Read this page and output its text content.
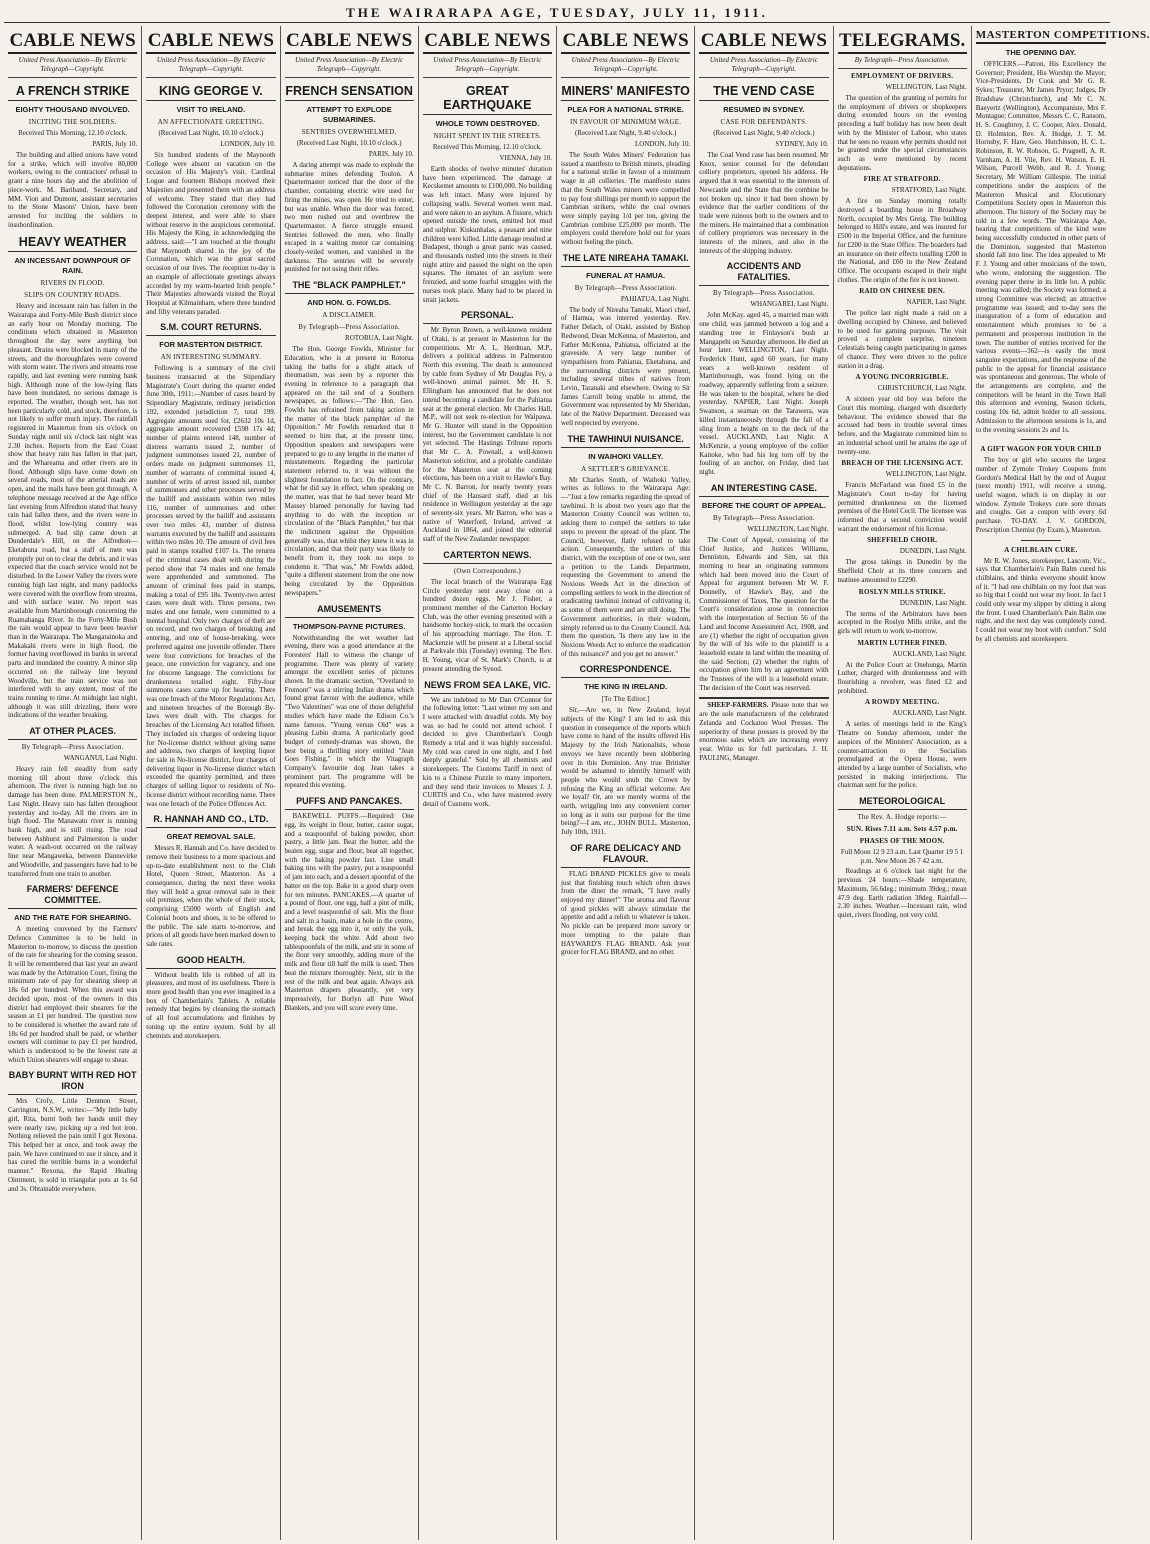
THE WAIRARAPA AGE, TUESDAY, JULY 11, 1911.
CABLE NEWS
United Press Association—By Electric Telegraph—Copyright.
A FRENCH STRIKE
EIGHTY THOUSAND INVOLVED.
INCITING THE SOLDIERS.
Received This Morning, 12.10 o'clock.
PARIS, July 10.
The building and allied unions have voted for a strike, which will involve 80,000 workers, owing to the contractors' refusal to grant a nine hours day and the abolition of piece-work. M. Bariband, Secretary, and MM. Vion and Dumont, assistant secretaries to the Stone Masons' Union, have been arrested for inciting the soldiers to insubordination.
HEAVY WEATHER
AN INCESSANT DOWNPOUR OF RAIN.
RIVERS IN FLOOD.
SLIPS ON COUNTRY ROADS.
Heavy and incessant rain has fallen in the Wairarapa and Forty-Mile Bush district since an early hour on Monday morning. The conditions which obtained in Masterton throughout the day were anything but pleasant. Drains were blocked in many of the streets, and the thoroughfares were covered with storm water. The rivers and streams rose rapidly, and last evening were running bank high. Although none of the low-lying flats have been inundated, no serious damage is reported. The weather, though wet, has not been particularly cold, and stock, therefore, is not likely to suffer much injury. The rainfall registered in Masterton from six o'clock on Sunday night until six o'clock last night was 2.30 inches. Reports from the East Coast show that heavy rain has fallen in that part, and the Whareama and other rivers are in flood. Although slips have come down on several roads, most of the arterial roads are open, and the mails have been got through. A telephone message received at the Age office last evening from Alfredton stated that heavy rain had fallen there, and the rivers were in flood, whilst low-lying country was submerged. A bad slip came down at Dunderdale's Hill, on the Alfredton—Eketahuna road, but a staff of men was promptly put on to clear the debris, and it was expected that the coach service would not be disturbed. In the Lower Valley the rivers were running high last night, and many paddocks were covered with the overflow from streams, and with surface water. No report was available from Martinborough concerning the Ruamahanga River. In the Forty-Mile Bush the rain would appear to have been heavier than in the Wairarapa. The Mangatainoka and Makakahi rivers were in high flood, the former having overflowed its banks in several parts and inundated the country. A minor slip occurred on the railway line beyond Woodville, but the train service was not interfered with to any extent, most of the trains running to time. At midnight last night, although it was still drizzling, there were indications of the weather breaking.
AT OTHER PLACES.
By Telegraph—Press Association.
WANGANUI, Last Night.
Heavy rain fell steadily from early morning till about three o'clock this afternoon. The river is running high but no damage has been done. PALMERSTON N., Last Night. Heavy rain has fallen throughout yesterday and to-day. All the rivers are in high flood. The Manawatu river is running bank high, and is still rising. The road between Ashhurst and Palmerston is under water. A wash-out occurred on the railway line near Mangaweka, between Dannevirke and Woodville, and passengers have had to be transferred from one train to another.
FARMERS' DEFENCE COMMITTEE.
AND THE RATE FOR SHEARING.
A meeting convened by the Farmers' Defence Committee is to be held in Masterton to-morrow, to discuss the question of the rate for shearing for the coming season. It will be remembered that last year an award was made by the Arbitration Court, fixing the minimum rate of pay for shearing sheep at 18s 6d per hundred. When this award was decided upon, most of the owners in this district had employed their shearers for the season at £1 per hundred. The question now to be considered is whether the award rate of 18s 6d per hundred shall be paid, or whether owners will continue to pay £1 per hundred, which is understood to be the lowest rate at which Union shearers will engage to shear.
BABY BURNT WITH RED HOT IRON
Mrs Crofy, Little Denmon Street, Carrington, N.S.W., writes:—"My little baby girl, Rita, burnt both her hands until they were nearly raw, picking up a red hot iron. Nothing relieved the pain until I got Rexona. This helped her at once, and took away the pain. We have continued to use it since, and it has cured the terrible burns in a wonderful manner." Rexona, the Rapid Healing Ointment, is sold in triangular pots at 1s 6d and 3s. Obtainable everywhere.
CABLE NEWS
United Press Association—By Electric Telegraph—Copyright.
KING GEORGE V.
VISIT TO IRELAND.
AN AFFECTIONATE GREETING.
(Received Last Night, 10.10 o'clock.)
LONDON, July 10.
Six hundred students of the Maynooth College were absent on vacation on the occasion of His Majesty's visit. Cardinal Logue and fourteen Bishops received their Majesties and presented them with an address of welcome. They stated that they had followed the Coronation ceremony with the deepest interest, and were able to share without reserve in the auspicious ceremonial. His Majesty the King, in acknowledging the address, said:—"I am touched at the thought that Maynooth shared in the joy of the Coronation, which was the great sacred occasion of our lives. The reception to-day is an example of affectionate greetings always accorded by my warm-hearted Irish people." Their Majesties afterwards visited the Royal Hospital at Kilmainham, where three hundred and fifty veterans paraded.
S.M. COURT RETURNS.
FOR MASTERTON DISTRICT.
AN INTERESTING SUMMARY.
Following is a summary of the civil business transacted at the Stipendiary Magistrate's Court during the quarter ended June 30th, 1911:—Number of cases heard by Stipendiary Magistrate, ordinary jurisdiction 192, extended jurisdiction 7, total 199. Aggregate amounts sued for, £2632 10s 1d, aggregate amount recovered £598 17s 4d; number of plaints entered 148, number of distress warrants issued 2, number of judgment summonses issued 21, number of orders made on judgment summonses 11, number of warrants of committal issued 4, number of writs of arrest issued nil, number of summonses and other processes served by the bailiff and assistants within two miles 116, number of summonses and other processes served by the bailiff and assistants over two miles 43, number of distress warrants executed by the bailiff and assistants within two miles 10. The amount of civil fees paid in stamps totalled £107 1s. The returns of the criminal cases dealt with during the period show that 74 males and one female were apprehended and summoned. The amount of criminal fees paid in stamps, making a total of £95 18s. Twenty-two arrest cases were dealt with. Three persons, two males and one female, were committed to a mental hospital. Only two charges of theft are on record, and two charges of breaking and entering, and one of house-breaking, were preferred against one juvenile offender. There were four convictions for breaches of the peace, one conviction for vagrancy, and one for obscene language. The convictions for drunkenness totalled eight. Fifty-four summons cases came up for hearing. There was one breach of the Motor Regulations Act, and nineteen breaches of the Borough By-laws were dealt with. The charges for breaches of the Licensing Act totalled fifteen. They included six charges of ordering liquor for No-license district without giving name and address, two charges of keeping liquor for sale in No-license district, four charges of delivering liquor in No-license district which exceeded the quantity permitted, and three charges of selling liquor to residents of No-license district without recording name. There was one breach of the Police Offences Act.
R. HANNAH AND CO., LTD.
GREAT REMOVAL SALE.
Messrs R. Hannah and Co. have decided to remove their business to a more spacious and up-to-date establishment next to the Club Hotel, Queen Street, Masterton. As a consequence, during the next three weeks they will hold a great removal sale in their old premises, when the whole of their stock, comprising £5000 worth of English and Colonial boots and shoes, is to be offered to the public. The sale starts to-morrow, and prices of all goods have been marked down to sale rates.
GOOD HEALTH.
Without health life is robbed of all its pleasures, and most of its usefulness. There is more good health than you ever imagined in a box of Chamberlain's Tablets. A reliable remedy that begins by cleansing the stomach of all foul accumulations and finishes by toning up the entire system. Sold by all chemists and storekeepers.
CABLE NEWS
United Press Association—By Electric Telegraph—Copyright.
FRENCH SENSATION
ATTEMPT TO EXPLODE SUBMARINES.
SENTRIES OVERWHELMED.
(Received Last Night, 10.10 o'clock.)
PARIS, July 10.
A daring attempt was made to explode the submarine mines defending Toulon. A Quartermaster noticed that the door of the chamber, containing electric wire used for firing the mines, was open. He tried to enter, but was unable. When the door was forced, two men rushed out and overthrew the Quartermaster. A fierce struggle ensued. Sentries followed the men, who finally escaped in a waiting motor car containing closely-veiled women, and vanished in the darkness. The sentries will be severely punished for not using their rifles.
THE "BLACK PAMPHLET."
AND HON. G. FOWLDS.
A DISCLAIMER.
By Telegraph—Press Association.
ROTORUA, Last Night.
The Hon. George Fowlds, Minister for Education, who is at present in Rotorua taking the baths for a slight attack of rheumatism, was seen by a reporter this evening in reference to a paragraph that appeared on the tail end of a Southern newspaper, as follows:—"The Hon. Geo. Fowlds has refrained from taking action in the matter of the black pamphlet of the Opposition." Mr Fowlds remarked that it seemed to him that, at the present time, Opposition speakers and newspapers were prepared to go to any lengths in the matter of misstatements. Regarding the particular statement referred to, it was without the slightest foundation in fact. On the contrary, what he did say in effect, when speaking on the matter, was that he had never heard Mr Massey blamed personally for having had anything to do with the inception or circulation of the "Black Pamphlet," but that the indictment against the Opposition generally was, that whilst they knew it was in circulation, and that their party was likely to benefit from it, they took no steps to condemn it. "That was," Mr Fowlds added, "quite a different statement from the one now being circulated by the Opposition newspapers."
AMUSEMENTS
THOMPSON-PAYNE PICTURES.
Notwithstanding the wet weather last evening, there was a good attendance at the Foresters' Hall to witness the change of programme. There was plenty of variety amongst the excellent series of pictures shown. In the dramatic section, "Overland to Fremont" was a stirring Indian drama which found great favour with the audience, while "Two Valentines" was one of those delightful studies which have made the Edison Co.'s name famous. "Young versus Old" was a pleasing Lubin drama. A particularly good budget of comedy-dramas was shown, the best being a thrilling story entitled "Jean Goes Fishing," in which the Vitagraph Company's favourite dog Jean takes a prominent part. The programme will be repeated this evening.
PUFFS AND PANCAKES.
BAKEWELL PUFFS.—Required: One egg, its weight in flour, butter, castor sugar, and a teaspoonful of baking powder, short pastry, a little jam. Beat the butter, add the beaten egg, sugar and flour, beat all together, with the baking powder last. Line small baking tins with the pastry, put a teaspoonful of jam into each, and a dessert spoonful of the batter on the top. Bake in a good sharp oven for ten minutes. PANCAKES.—A quarter of a pound of flour, one egg, half a pint of milk, and a level teaspoonful of salt. Mix the flour and salt in a basin, make a hole in the centre, and break the egg into it, or only the yolk, keeping back the white. Add about two tablespoonfuls of the milk, and stir in some of the flour very smoothly, adding more of the milk and flour till half the milk is used. Then beat the mixture thoroughly. Next, stir in the rest of the milk and beat again. Always ask Masterton drapers pleasantly, yet very impressively, for Borlyn all Pure Wool Blankets, and you will score every time.
CABLE NEWS
United Press Association—By Electric Telegraph—Copyright.
GREAT EARTHQUAKE
WHOLE TOWN DESTROYED.
NIGHT SPENT IN THE STREETS.
Received This Morning, 12.10 o'clock.
VIENNA, July 10.
Earth shocks of twelve minutes' duration have been experienced. The damage at Kecskemet amounts to £100,000. No building was left intact. Many were injured by collapsing walls. Several women went mad, and were taken to an asylum. A fissure, which opened outside the town, emitted hot mud and sulphur. Kiskunhalas, a peasant and nine children were killed. Little damage resulted at Budapest, though a great panic was caused, and thousands rushed into the streets in their night attire and passed the night on the open squares. The inmates of an asylum were frenzied, and some fearful struggles with the nurses took place. Many had to be placed in strait jackets.
PERSONAL.
Mr Byron Brown, a well-known resident of Otaki, is at present in Masterton for the competitions. Mr A. L. Herdman, M.P., delivers a political address in Palmerston North this evening. The death is announced by cable from Sydney of Mr Douglas Fry, a well-known animal painter. Mr H. S. Ellingham has announced that he does not intend becoming a candidate for the Pahiatua seat at the general election. Mr Charles Hall, M.P., will not seek re-election for Waipawa. Mr G. Hunter will stand in the Opposition interest, but the Government candidate is not yet selected. The Hastings Tribune reports that Mr C. A. Pownall, a well-known Masterton solicitor, and a probable candidate for the Masterton seat at the coming elections, has been on a visit to Hawke's Bay. Mr C. N. Barron, for nearly twenty years chief of the Hansard staff, died at his residence in Wellington yesterday at the age of seventy-six years. Mr Barron, who was a native of Waterford, Ireland, arrived at Auckland in 1864, and joined the editorial staff of the New Zealander newspaper.
CARTERTON NEWS.
(Own Correspondent.)
The local branch of the Wairarapa Egg Circle yesterday sent away close on a hundred dozen eggs. Mr J. Fisher, a prominent member of the Carterton Hockey Club, was the other evening presented with a handsome hockey-stick, to mark the occasion of his approaching marriage. The Hon. T. Mackenzie will be present at a Liberal social at Parkvale this (Tuesday) evening. The Rev. H. Young, vicar of St. Mark's Church, is at present attending the Synod.
NEWS FROM SEA LAKE, VIC.
We are indebted to Mr Dan O'Connor for the following letter: "Last winter my son and I were attacked with dreadful colds. My boy was so bad he could not attend school. I decided to give Chamberlain's Cough Remedy a trial and it was highly successful. My cold was cured in one night, and I feel deeply grateful." Sold by all chemists and storekeepers. The Customs Tariff in next of kin to a Chinese Puzzle to many importers, and they send their invoices to Messrs J. J. CURTIS and Co., who have mastered every detail of Customs work.
CABLE NEWS
United Press Association—By Electric Telegraph—Copyright.
MINERS' MANIFESTO
PLEA FOR A NATIONAL STRIKE.
IN FAVOUR OF MINIMUM WAGE.
(Received Last Night, 9.40 o'clock.)
LONDON, July 10.
The South Wales Miners' Federation has issued a manifesto to British miners, pleading for a national strike in favour of a minimum wage in all collieries. The manifesto states that the South Wales miners were compelled to pay four shillings per month to support the Cambrian strikers, while the coal owners were simply paying 1/d per ton, giving the Cambrian combine £25,000 per month. The employers could therefore hold out for years without feeling the pinch.
THE LATE NIREAHA TAMAKI.
FUNERAL AT HAMUA.
By Telegraph—Press Association.
PAHIATUA, Last Night.
The body of Nireaha Tamaki, Maori chief, of Hamua, was interred yesterday. Rev. Father Delach, of Otaki, assisted by Bishop Redwood, Dean McKenna, of Masterton, and Father McKenna, Pahiatua, officiated at the graveside. A very large number of sympathisers from Pahiatua, Eketahuna, and the surrounding districts were present, including several tribes of natives from Levin, Taranaki and elsewhere. Owing to Sir James Carroll being unable to attend, the Government was represented by Mr Sheridan, late of the Native Department. Deceased was well respected by everyone.
THE TAWHINUI NUISANCE.
IN WAIHOKI VALLEY.
A SETTLER'S GRIEVANCE.
Mr Charles Smith, of Waihoki Valley, writes as follows to the Wairarapa Age:—"Just a few remarks regarding the spread of tawhinui. It is about two years ago that the Masterton County Council was written to, asking them to compel the settlers to take steps to prevent the spread of the plant. The Council, however, flatly refused to take action. Consequently, the settlers of this district, with the exception of one or two, sent a petition to the Lands Department, requesting the Government to amend the Noxious Weeds Act in the direction of compelling settlers to work in the direction of eradicating tawhinui instead of cultivating it, as some of them were and are still doing. The Government authorities, in their wisdom, simply referred us to the County Council. Ask them the question, 'Is there any law in the Noxious Weeds Act to enforce the eradication of this nuisance?' and you get no answer."
CORRESPONDENCE.
THE KING IN IRELAND.
[To The Editor.]
Sir,—Are we, in New Zealand, loyal subjects of the King? I am led to ask this question in consequence of the reports which have come to hand of the insults offered His Majesty by the Irish Nationalists, whose envoys we have recently been slobbering over in this Dominion. Any true Britisher would be ashamed to identify himself with people who would snub the Crown by refusing the King an official welcome. Are we loyal? Or, are we merely worms of the earth, wriggling into any convenient corner so long as it suits our purpose for the time being?—I am, etc., JOHN BULL. Masterton, July 10th, 1911.
OF RARE DELICACY AND FLAVOUR.
FLAG BRAND PICKLES give to meals just that finishing touch which often draws from the diner the remark, "I have really enjoyed my dinner!" The aroma and flavour of good pickles will always stimulate the appetite and add a relish to whatever is taken. No pickle can be prepared more savory or more tempting to the palate than HAYWARD'S FLAG BRAND. Ask your grocer for FLAG BRAND, and no other.
CABLE NEWS
United Press Association—By Electric Telegraph—Copyright.
THE VEND CASE
RESUMED IN SYDNEY.
CASE FOR DEFENDANTS.
(Received Last Night, 9.40 o'clock.)
SYDNEY, July 10.
The Coal Vend case has been resumed. Mr Knox, senior counsel for the defendant colliery proprietors, opened his address. He argued that it was essential to the interests of Newcastle and the State that the combine be not broken up, since it had been shown by evidence that the earlier conditions of the trade were ruinous both to the owners and to the miners. He maintained that a combination of colliery proprietors was necessary in the interests of the miners, and also in the interests of the shipping industry.
ACCIDENTS AND FATALITIES.
By Telegraph—Press Association.
WHANGAREI, Last Night.
John McKay, aged 45, a married man with one child, was jammed between a log and a standing tree in Finlayson's bush at Mangapehi on Saturday afternoon. He died an hour later. WELLINGTON, Last Night. Frederick Hunt, aged 60 years, for many years a well-known resident of Martinborough, was found lying on the roadway, apparently suffering from a seizure. He was taken to the hospital, where he died yesterday. NAPIER, Last Night. Joseph Swanson, a seaman on the Tarawera, was killed instantaneously through the fall of a sling from a height on to the deck of the vessel. AUCKLAND, Last Night. A McKenzie, a young employee of the collier Kaitoke, who had his leg torn off by the fouling of an anchor, on Friday, died last night.
AN INTERESTING CASE.
BEFORE THE COURT OF APPEAL.
By Telegraph—Press Association.
WELLINGTON, Last Night.
The Court of Appeal, consisting of the Chief Justice, and Justices Williams, Denniston, Edwards and Sim, sat this morning to hear an originating summons which had been moved into the Court of Appeal for argument between Mr W. F. Donnelly, of Hawke's Bay, and the Commissioner of Taxes. The question for the Court's consideration arose in connection with the interpretation of Section 56 of the Land and Income Assessment Act, 1908, and are (1) whether the right of occupation given by the will of his wife to the plaintiff is a leasehold estate in land within the meaning of the said Section; (2) whether the rights of occupation given him by an agreement with the Trustees of the will is a leasehold estate. The decision of the Court was reserved.
SHEEP-FARMERS. Please note that we are the sole manufacturers of the celebrated Zelanda and Cockatoo Wool Presses. The superiority of these presses is proved by the enormous sales which are increasing every year. Write us for full particulars. J. H. PAULING, Manager.
TELEGRAMS.
By Telegraph—Press Association.
EMPLOYMENT OF DRIVERS.
WELLINGTON, Last Night.
The question of the granting of permits for the employment of drivers or shopkeepers during extended hours on the evening preceding a half holiday has now been dealt with by the Minister of Labour, who states that he sees no reason why permits should not be granted under the special circumstances such as were mentioned by recent deputations.
FIRE AT STRATFORD.
STRATFORD, Last Night.
A fire on Sunday morning totally destroyed a boarding house in Broadway North, occupied by Mrs Greig. The building belonged to Hill's estate, and was insured for £500 in the Imperial Office, and the furniture for £200 in the State Office. The boarders had an insurance on their effects totalling £200 in the National, and £60 in the New Zealand Office. The occupants escaped in their night clothes. The origin of the fire is not known.
RAID ON CHINESE DEN.
NAPIER, Last Night.
The police last night made a raid on a dwelling occupied by Chinese, and believed to be used for gaming purposes. The visit proved a complete surprise, nineteen Celestials being caught participating in games of chance. They were driven to the police station in a drag.
A YOUNG INCORRIGIBLE.
CHRISTCHURCH, Last Night.
A sixteen year old boy was before the Court this morning, charged with disorderly behaviour. The evidence showed that the accused had been in trouble several times before, and the Magistrate committed him to an industrial school until he attains the age of twenty-one.
BREACH OF THE LICENSING ACT.
WELLINGTON, Last Night.
Francis McFarland was fined £5 in the Magistrate's Court to-day for having permitted drunkenness on the licensed premises of the Hotel Cecil. The licensee was informed that a second conviction would warrant the endorsement of his license.
SHEFFIELD CHOIR.
DUNEDIN, Last Night.
The gross takings in Dunedin by the Sheffield Choir at its three concerts and matinee amounted to £2290.
ROSLYN MILLS STRIKE.
DUNEDIN, Last Night.
The terms of the Arbitrators have been accepted in the Roslyn Mills strike, and the girls will return to work to-morrow.
MARTIN LUTHER FINED.
AUCKLAND, Last Night.
At the Police Court at Onehunga, Martin Luther, charged with drunkenness and with flourishing a revolver, was fined £2 and prohibited.
A ROWDY MEETING.
AUCKLAND, Last Night.
A series of meetings held in the King's Theatre on Sunday afternoon, under the auspices of the Ministers' Association, as a counter-attraction to the Socialists promulgated at the Opera House, were attended by a large number of Socialists, who persisted in making interjections. The chairman sent for the police.
METEOROLOGICAL
The Rev. A. Hodge reports:—
SUN. Rises 7.11 a.m. Sets 4.57 p.m.
PHASES OF THE MOON.
Full Moon 12 9 23 a.m. Last Quarter 19 5 1 p.m. New Moon 26 7 42 a.m.
Readings at 6 o'clock last night for the previous 24 hours:—Shade temperature, Maximum, 56.6deg.; minimum 39deg.; mean 47.9 deg. Earth radiation 38deg. Rainfall—2.30 inches. Weather.—Incessant rain, wind quiet, rivers flooding, not very cold.
MASTERTON COMPETITIONS.
THE OPENING DAY.
OFFICERS.—Patron, His Excellency the Governor; President, His Worship the Mayor; Vice-Presidents, Dr Cook and Mr G. R. Sykes; Treasurer, Mr James Pryor; Judges, Dr Bradshaw (Christchurch), and Mr C. N. Baeyertz (Wellington), Accompaniste, Mrs F. Montague; Committee, Messrs C. C. Ransom, H. S. Coughtrey, J. C. Cooper, Alex. Donald, D. Holmston, Rev. A. Hodge, J. T. M. Hornsby, F. Hare, Geo. Hutchinson, H. C. L. Robinson, R. W. Robson, G. Pragnell, A. R. Varnham, A. H. Vile, Rev. H. Watson, E. H. Wilson, Purcell Webb, and R. J. Young; Secretary, Mr William Gillespie. The initial competitions under the auspices of the Masterton Musical and Elocutionary Competitions Society open in Masterton this afternoon. The history of the Society may be told in a few words. The Wairarapa Age, hearing that competitions of the kind were being successfully conducted in other parts of the Dominion, suggested that Masterton should fall into line. The idea appealed to Mr F. J. Young and other musicians of the town, who wrote, endorsing the suggestion. The evening paper threw in its little lot. A public meeting was called; the Society was formed; a strong Committee was elected; an attractive programme was issued; and to-day sees the inauguration of a form of education and entertainment which promises to be a permanent and prosperous institution in the town. The number of entries received for the various events—362—is easily the most sanguine expectations, and the response of the public to the appeal for financial assistance was spontaneous and generous. The whole of the arrangements are complete, and the competitors will be heard in the Town Hall this afternoon and evening. Season tickets, costing 10s 6d, admit holder to all sessions. Admission to the afternoon sessions is 1s, and to the evening sessions 2s and 1s.
A GIFT WAGON FOR YOUR CHILD
The boy or girl who secures the largest number of Zymole Trokey Coupons from Gordon's Medical Hall by the end of August (next month) 1911, will receive a strong, useful wagon, which is on display in our window. Zymole Trokeys cure sore throats and coughs. Get a coupon with every 6d purchase. TO-DAY. J. V. GORDON, Prescription Chemist (by Exam.), Masterton.
A CHILBLAIN CURE.
Mr R. W. Jones, storekeeper, Lascom, Vic., says that Chamberlain's Pain Balm cured his chilblains, and thinks everyone should know of it. "I had one chilblain on my foot that was so big that I could not wear my boot. In fact I could only wear my slipper by slitting it along the front. I used Chamberlain's Pain Balm one night, and the next day was completely cured. I could not wear my boot with comfort." Sold by all chemists and storekeepers.
